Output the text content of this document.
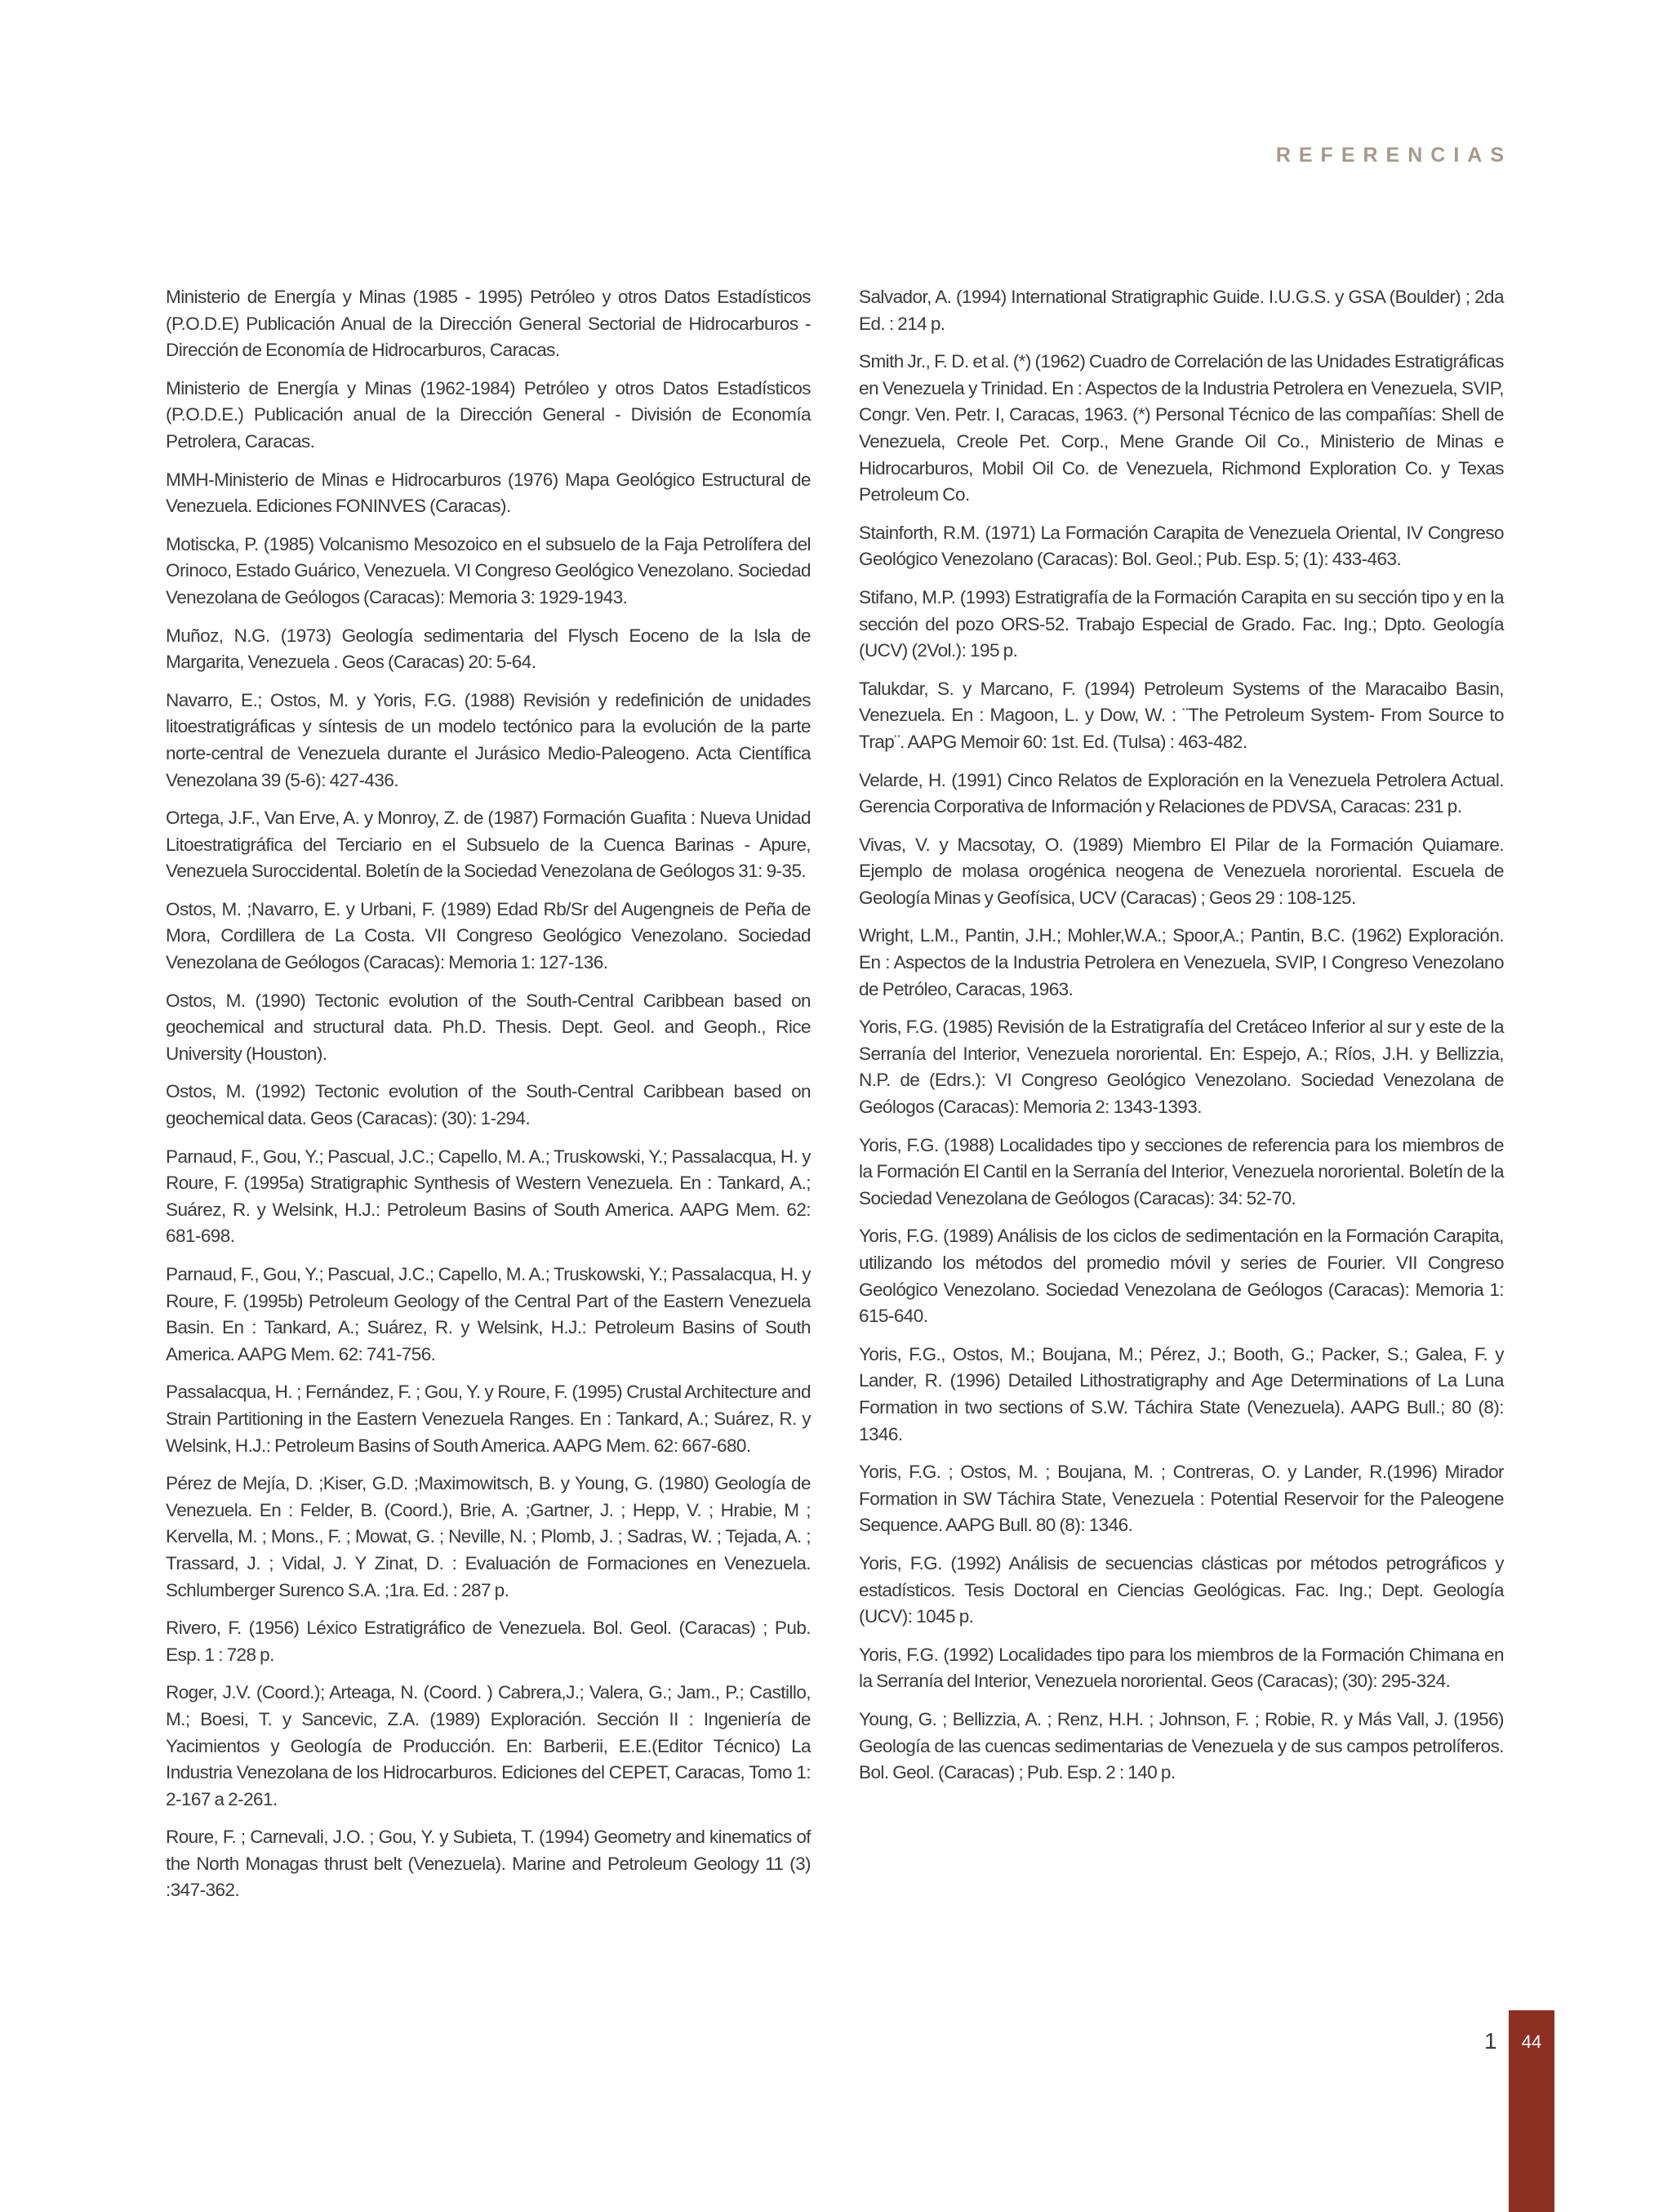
REFERENCIAS

Ministerio de Energía y Minas (1985 - 1995) Petróleo y otros Datos Estadísticos (P.O.D.E) Publicación Anual de la Dirección General Sectorial de Hidrocarburos - Dirección de Economía de Hidrocarburos, Caracas.

Ministerio de Energía y Minas (1962-1984) Petróleo y otros Datos Estadísticos (P.O.D.E.) Publicación anual de la Dirección General - División de Economía Petrolera, Caracas.

MMH-Ministerio de Minas e Hidrocarburos (1976) Mapa Geológico Estructural de Venezuela. Ediciones FONINVES (Caracas).

Motiscka, P. (1985) Volcanismo Mesozoico en el subsuelo de la Faja Petrolífera del Orinoco, Estado Guárico, Venezuela. VI Congreso Geológico Venezolano. Sociedad Venezolana de Geólogos (Caracas): Memoria 3: 1929-1943.

Muñoz, N.G. (1973) Geología sedimentaria del Flysch Eoceno de la Isla de Margarita, Venezuela . Geos (Caracas) 20: 5-64.

Navarro, E.; Ostos, M. y Yoris, F.G. (1988) Revisión y redefinición de unidades litoestratigráficas y síntesis de un modelo tectónico para la evolución de la parte norte-central de Venezuela durante el Jurásico Medio-Paleogeno. Acta Científica Venezolana 39 (5-6): 427-436.

Ortega, J.F., Van Erve, A. y Monroy, Z. de (1987) Formación Guafita : Nueva Unidad Litoestratigráfica del Terciario en el Subsuelo de la Cuenca Barinas - Apure, Venezuela Suroccidental. Boletín de la Sociedad Venezolana de Geólogos 31: 9-35.

Ostos, M. ;Navarro, E. y Urbani, F. (1989) Edad Rb/Sr del Augengneis de Peña de Mora, Cordillera de La Costa. VII Congreso Geológico Venezolano. Sociedad Venezolana de Geólogos (Caracas): Memoria 1: 127-136.

Ostos, M. (1990) Tectonic evolution of the South-Central Caribbean based on geochemical and structural data. Ph.D. Thesis. Dept. Geol. and Geoph., Rice University (Houston).

Ostos, M. (1992) Tectonic evolution of the South-Central Caribbean based on geochemical data. Geos (Caracas): (30): 1-294.

Parnaud, F., Gou, Y.; Pascual, J.C.; Capello, M. A.; Truskowski, Y.; Passalacqua, H. y Roure, F. (1995a) Stratigraphic Synthesis of Western Venezuela. En : Tankard, A.; Suárez, R. y Welsink, H.J.: Petroleum Basins of South America. AAPG Mem. 62: 681-698.

Parnaud, F., Gou, Y.; Pascual, J.C.; Capello, M. A.; Truskowski, Y.; Passalacqua, H. y Roure, F. (1995b) Petroleum Geology of the Central Part of the Eastern Venezuela Basin. En : Tankard, A.; Suárez, R. y Welsink, H.J.: Petroleum Basins of South America. AAPG Mem. 62: 741-756.

Passalacqua, H. ; Fernández, F. ; Gou, Y. y Roure, F. (1995) Crustal Architecture and Strain Partitioning in the Eastern Venezuela Ranges. En : Tankard, A.; Suárez, R. y Welsink, H.J.: Petroleum Basins of South America. AAPG Mem. 62: 667-680.

Pérez de Mejía, D. ;Kiser, G.D. ;Maximowitsch, B. y Young, G. (1980) Geología de Venezuela. En : Felder, B. (Coord.), Brie, A. ;Gartner, J. ; Hepp, V. ; Hrabie, M ; Kervella, M. ; Mons., F. ; Mowat, G. ; Neville, N. ; Plomb, J. ; Sadras, W. ; Tejada, A. ; Trassard, J. ; Vidal, J. Y Zinat, D. : Evaluación de Formaciones en Venezuela. Schlumberger Surenco S.A. ;1ra. Ed. : 287 p.

Rivero, F. (1956) Léxico Estratigráfico de Venezuela. Bol. Geol. (Caracas) ; Pub. Esp. 1 : 728 p.

Roger, J.V. (Coord.); Arteaga, N. (Coord. ) Cabrera,J.; Valera, G.; Jam., P.; Castillo, M.; Boesi, T. y Sancevic, Z.A. (1989) Exploración. Sección II : Ingeniería de Yacimientos y Geología de Producción. En: Barberii, E.E.(Editor Técnico) La Industria Venezolana de los Hidrocarburos. Ediciones del CEPET, Caracas, Tomo 1: 2-167 a 2-261.

Roure, F. ; Carnevali, J.O. ; Gou, Y. y Subieta, T. (1994) Geometry and kinematics of the North Monagas thrust belt (Venezuela). Marine and Petroleum Geology 11 (3) :347-362.

Salvador, A. (1994) International Stratigraphic Guide. I.U.G.S. y GSA (Boulder) ; 2da Ed. : 214 p.

Smith Jr., F. D. et al. (*) (1962) Cuadro de Correlación de las Unidades Estratigráficas en Venezuela y Trinidad. En : Aspectos de la Industria Petrolera en Venezuela, SVIP, Congr. Ven. Petr. I, Caracas, 1963. (*) Personal Técnico de las compañías: Shell de Venezuela, Creole Pet. Corp., Mene Grande Oil Co., Ministerio de Minas e Hidrocarburos, Mobil Oil Co. de Venezuela, Richmond Exploration Co. y Texas Petroleum Co.

Stainforth, R.M. (1971) La Formación Carapita de Venezuela Oriental, IV Congreso Geológico Venezolano (Caracas): Bol. Geol.; Pub. Esp. 5; (1): 433-463.

Stifano, M.P. (1993) Estratigrafía de la Formación Carapita en su sección tipo y en la sección del pozo ORS-52. Trabajo Especial de Grado. Fac. Ing.; Dpto. Geología (UCV) (2Vol.): 195 p.

Talukdar, S. y Marcano, F. (1994) Petroleum Systems of the Maracaibo Basin, Venezuela. En : Magoon, L. y Dow, W. : ¨The Petroleum System- From Source to Trap¨. AAPG Memoir 60: 1st. Ed. (Tulsa) : 463-482.

Velarde, H. (1991) Cinco Relatos de Exploración en la Venezuela Petrolera Actual. Gerencia Corporativa de Información y Relaciones de PDVSA, Caracas: 231 p.

Vivas, V. y Macsotay, O. (1989) Miembro El Pilar de la Formación Quiamare. Ejemplo de molasa orogénica neogena de Venezuela nororiental. Escuela de Geología Minas y Geofísica, UCV (Caracas) ; Geos 29 : 108-125.

Wright, L.M., Pantin, J.H.; Mohler,W.A.; Spoor,A.; Pantin, B.C. (1962) Exploración. En : Aspectos de la Industria Petrolera en Venezuela, SVIP, I Congreso Venezolano de Petróleo, Caracas, 1963.

Yoris, F.G. (1985) Revisión de la Estratigrafía del Cretáceo Inferior al sur y este de la Serranía del Interior, Venezuela nororiental. En: Espejo, A.; Ríos, J.H. y Bellizzia, N.P. de (Edrs.): VI Congreso Geológico Venezolano. Sociedad Venezolana de Geólogos (Caracas): Memoria 2: 1343-1393.

Yoris, F.G. (1988) Localidades tipo y secciones de referencia para los miembros de la Formación El Cantil en la Serranía del Interior, Venezuela nororiental. Boletín de la Sociedad Venezolana de Geólogos (Caracas): 34: 52-70.

Yoris, F.G. (1989) Análisis de los ciclos de sedimentación en la Formación Carapita, utilizando los métodos del promedio móvil y series de Fourier. VII Congreso Geológico Venezolano. Sociedad Venezolana de Geólogos (Caracas): Memoria 1: 615-640.

Yoris, F.G., Ostos, M.; Boujana, M.; Pérez, J.; Booth, G.; Packer, S.; Galea, F. y Lander, R. (1996) Detailed Lithostratigraphy and Age Determinations of La Luna Formation in two sections of S.W. Táchira State (Venezuela). AAPG Bull.; 80 (8): 1346.

Yoris, F.G. ; Ostos, M. ; Boujana, M. ; Contreras, O. y Lander, R.(1996) Mirador Formation in SW Táchira State, Venezuela : Potential Reservoir for the Paleogene Sequence. AAPG Bull. 80 (8): 1346.

Yoris, F.G. (1992) Análisis de secuencias clásticas por métodos petrográficos y estadísticos. Tesis Doctoral en Ciencias Geológicas. Fac. Ing.; Dept. Geología (UCV): 1045 p.

Yoris, F.G. (1992) Localidades tipo para los miembros de la Formación Chimana en la Serranía del Interior, Venezuela nororiental. Geos (Caracas); (30): 295-324.

Young, G. ; Bellizzia, A. ; Renz, H.H. ; Johnson, F. ; Robie, R. y Más Vall, J. (1956) Geología de las cuencas sedimentarias de Venezuela y de sus campos petrolíferos. Bol. Geol. (Caracas) ; Pub. Esp. 2 : 140 p.

1	44
